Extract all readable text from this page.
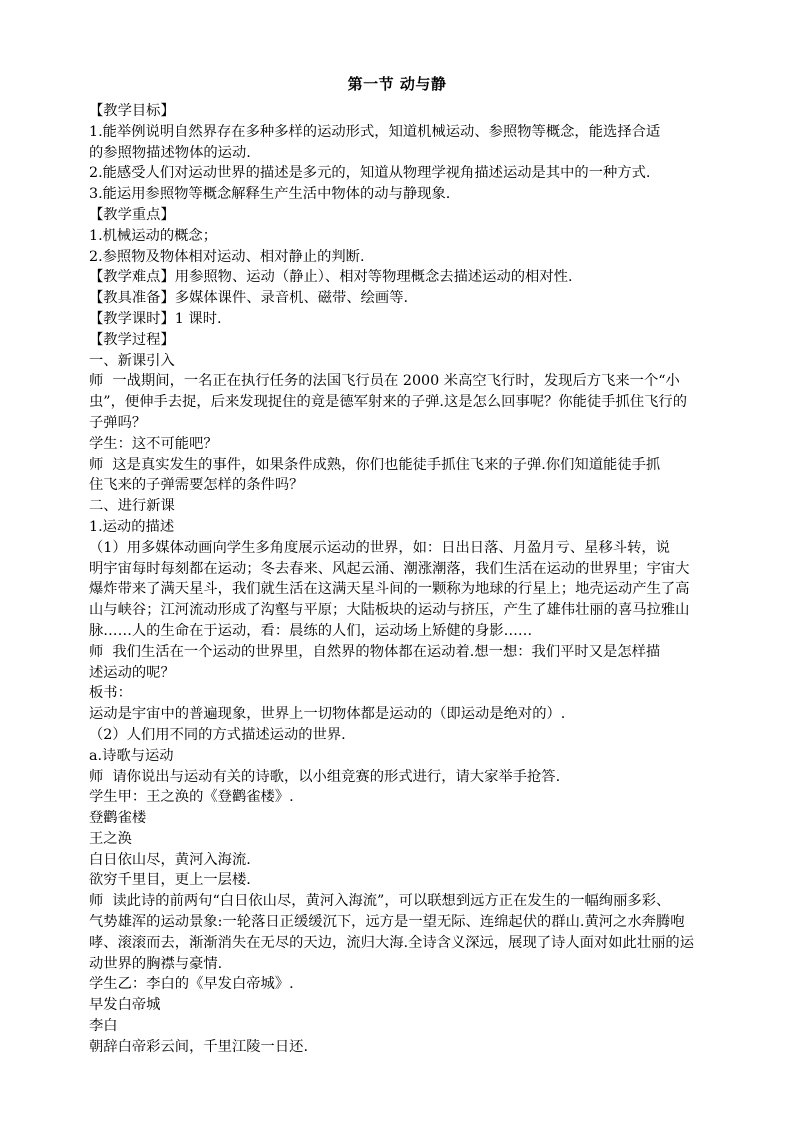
第一节 动与静

【教学目标】

1.能举例说明自然界存在多种多样的运动形式，知道机械运动、参照物等概念，能选择合适

的参照物描述物体的运动.

2.能感受人们对运动世界的描述是多元的，知道从物理学视角描述运动是其中的一种方式.

3.能运用参照物等概念解释生产生活中物体的动与静现象.

【教学重点】

1.机械运动的概念；

2.参照物及物体相对运动、相对静止的判断.

【教学难点】用参照物、运动（静止）、相对等物理概念去描述运动的相对性.

【教具准备】多媒体课件、录音机、磁带、绘画等.

【教学课时】1 课时.

【教学过程】

一、新课引入

师  一战期间，一名正在执行任务的法国飞行员在 2000 米高空飞行时，发现后方飞来一个“小

虫”，便伸手去捉，后来发现捉住的竟是德军射来的子弹.这是怎么回事呢？你能徒手抓住飞行的

子弹吗？

学生：这不可能吧？

师  这是真实发生的事件，如果条件成熟，你们也能徒手抓住飞来的子弹.你们知道能徒手抓

住飞来的子弹需要怎样的条件吗？

二、进行新课

1.运动的描述

（1）用多媒体动画向学生多角度展示运动的世界，如：日出日落、月盈月亏、星移斗转，说

明宇宙每时每刻都在运动；冬去春来、风起云涌、潮涨潮落，我们生活在运动的世界里；宇宙大

爆炸带来了满天星斗，我们就生活在这满天星斗间的一颗称为地球的行星上；地壳运动产生了高

山与峡谷；江河流动形成了沟壑与平原；大陆板块的运动与挤压，产生了雄伟壮丽的喜马拉雅山

脉……人的生命在于运动，看：晨练的人们，运动场上矫健的身影……

师  我们生活在一个运动的世界里，自然界的物体都在运动着.想一想：我们平时又是怎样描

述运动的呢？

板书：

运动是宇宙中的普遍现象，世界上一切物体都是运动的（即运动是绝对的）.

（2）人们用不同的方式描述运动的世界.

a.诗歌与运动

师  请你说出与运动有关的诗歌，以小组竞赛的形式进行，请大家举手抢答.

学生甲：王之涣的《登鹳雀楼》.

登鹳雀楼

王之涣

白日依山尽，黄河入海流.

欲穷千里目，更上一层楼.

师  读此诗的前两句“白日依山尽，黄河入海流”，可以联想到远方正在发生的一幅绚丽多彩、

气势雄浑的运动景象:一轮落日正缓缓沉下，远方是一望无际、连绵起伏的群山.黄河之水奔腾咆

哮、滚滚而去，渐渐消失在无尽的天边，流归大海.全诗含义深远，展现了诗人面对如此壮丽的运

动世界的胸襟与豪情.

学生乙：李白的《早发白帝城》.

早发白帝城

李白

朝辞白帝彩云间，千里江陵一日还.
